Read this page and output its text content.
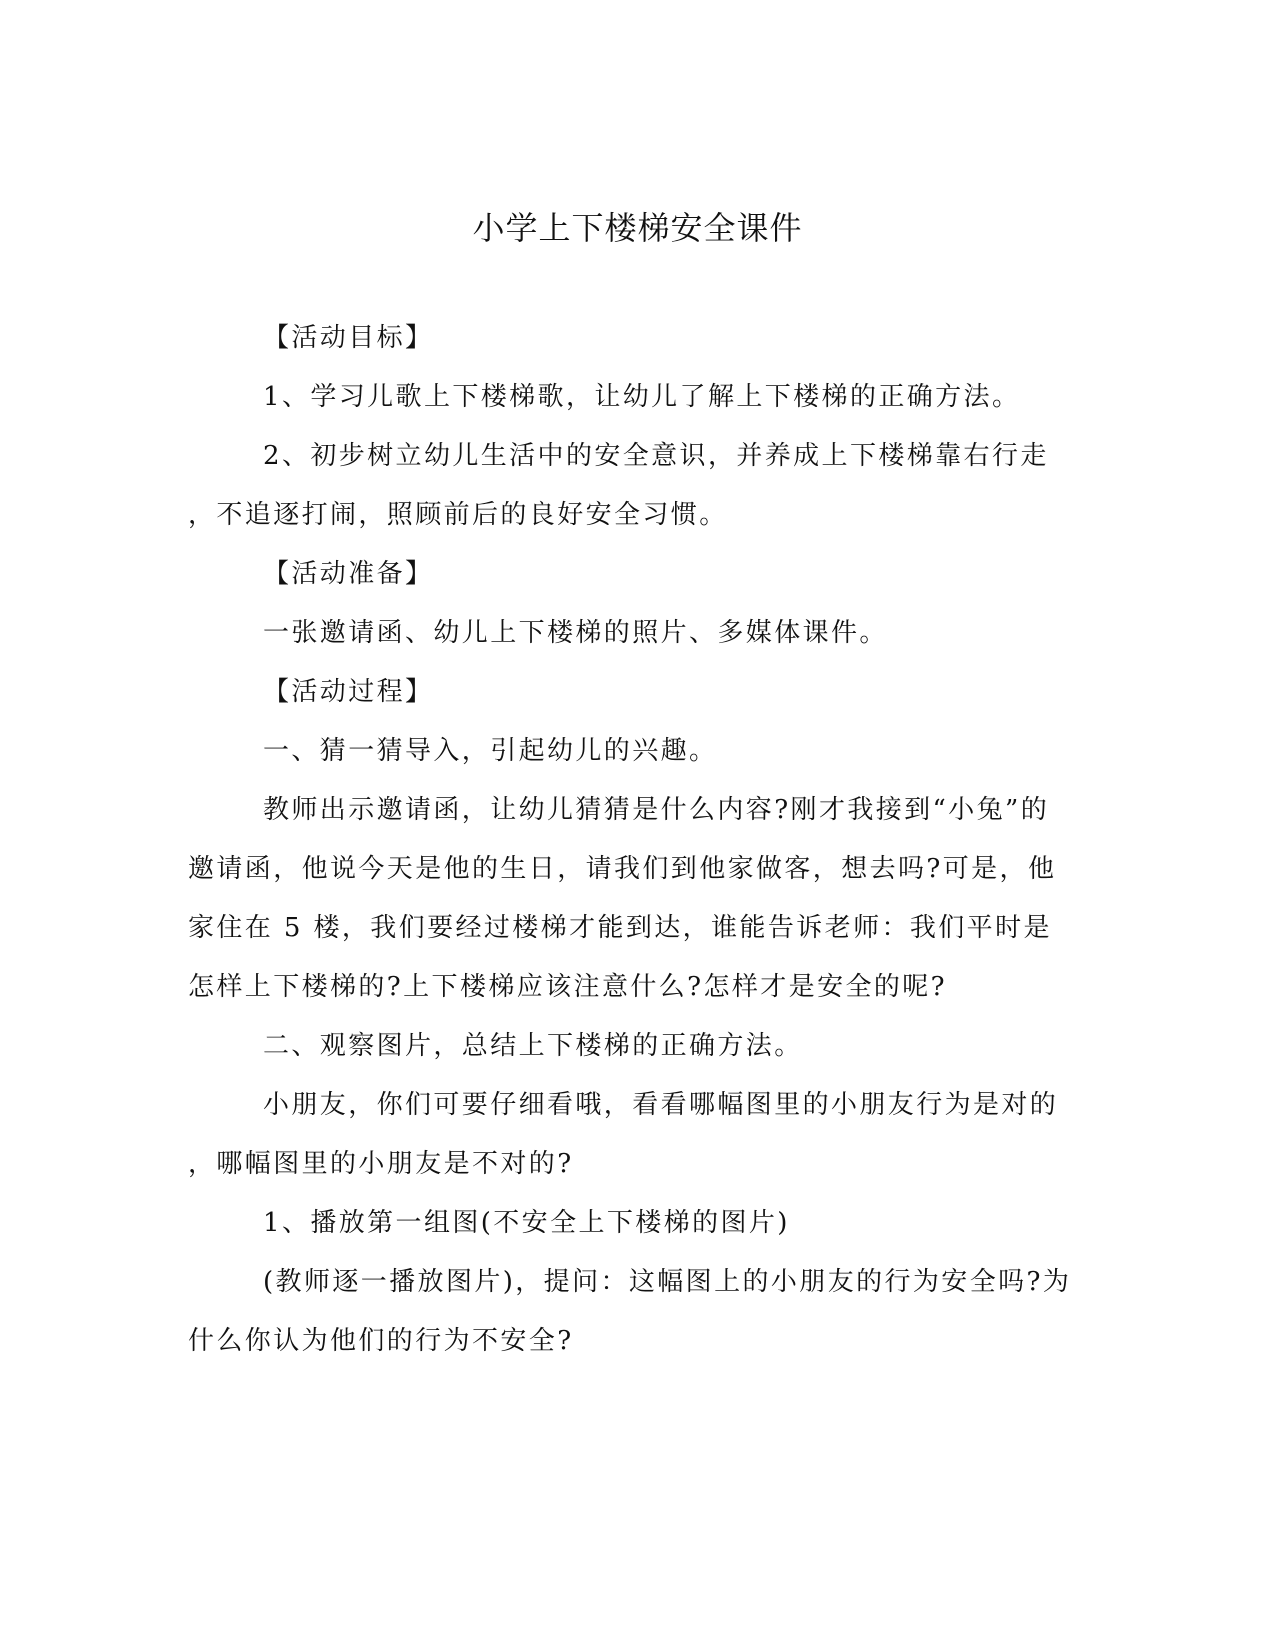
小学上下楼梯安全课件
【活动目标】
1、学习儿歌上下楼梯歌，让幼儿了解上下楼梯的正确方法。
2、初步树立幼儿生活中的安全意识，并养成上下楼梯靠右行走
，不追逐打闹，照顾前后的良好安全习惯。
【活动准备】
一张邀请函、幼儿上下楼梯的照片、多媒体课件。
【活动过程】
一、猜一猜导入，引起幼儿的兴趣。
教师出示邀请函，让幼儿猜猜是什么内容?刚才我接到“小兔”的
邀请函，他说今天是他的生日，请我们到他家做客，想去吗?可是，他
家住在 5 楼，我们要经过楼梯才能到达，谁能告诉老师：我们平时是
怎样上下楼梯的?上下楼梯应该注意什么?怎样才是安全的呢?
二、观察图片，总结上下楼梯的正确方法。
小朋友，你们可要仔细看哦，看看哪幅图里的小朋友行为是对的
，哪幅图里的小朋友是不对的?
1、播放第一组图(不安全上下楼梯的图片)
(教师逐一播放图片)，提问：这幅图上的小朋友的行为安全吗?为
什么你认为他们的行为不安全?
